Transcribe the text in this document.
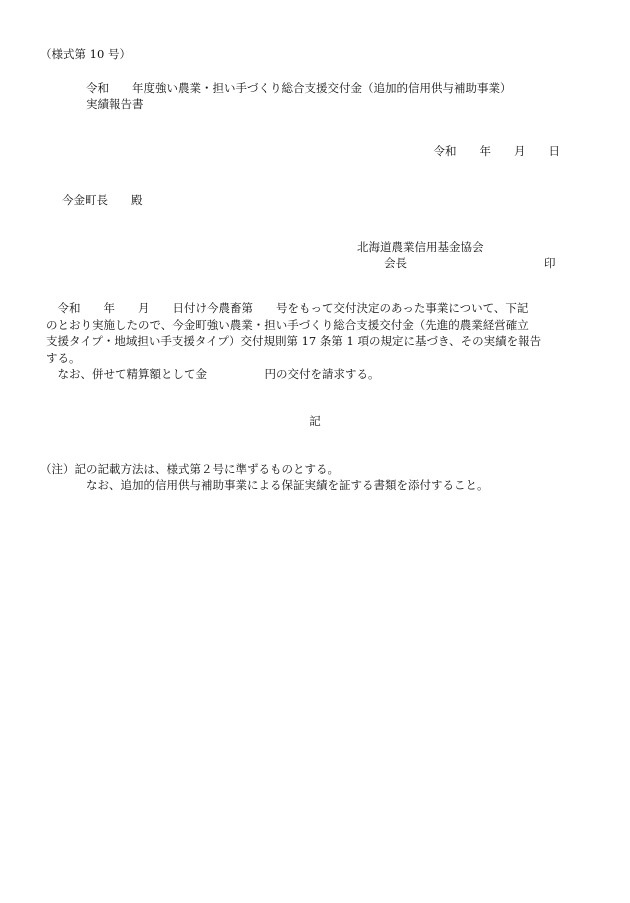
（様式第 10 号）
令和　　年度強い農業・担い手づくり総合支援交付金（追加的信用供与補助事業）
実績報告書
令和　　年　　月　　日
今金町長　　殿
北海道農業信用基金協会
会長	印
　令和　　年　　月　　日付け今農畜第　　号をもって交付決定のあった事業について、下記
のとおり実施したので、今金町強い農業・担い手づくり総合支援交付金（先進的農業経営確立
支援タイプ・地域担い手支援タイプ）交付規則第 17 条第 1 項の規定に基づき、その実績を報告
する。
　なお、併せて精算額として金　　　　　円の交付を請求する。
記
（注）記の記載方法は、様式第２号に準ずるものとする。
なお、追加的信用供与補助事業による保証実績を証する書類を添付すること。
